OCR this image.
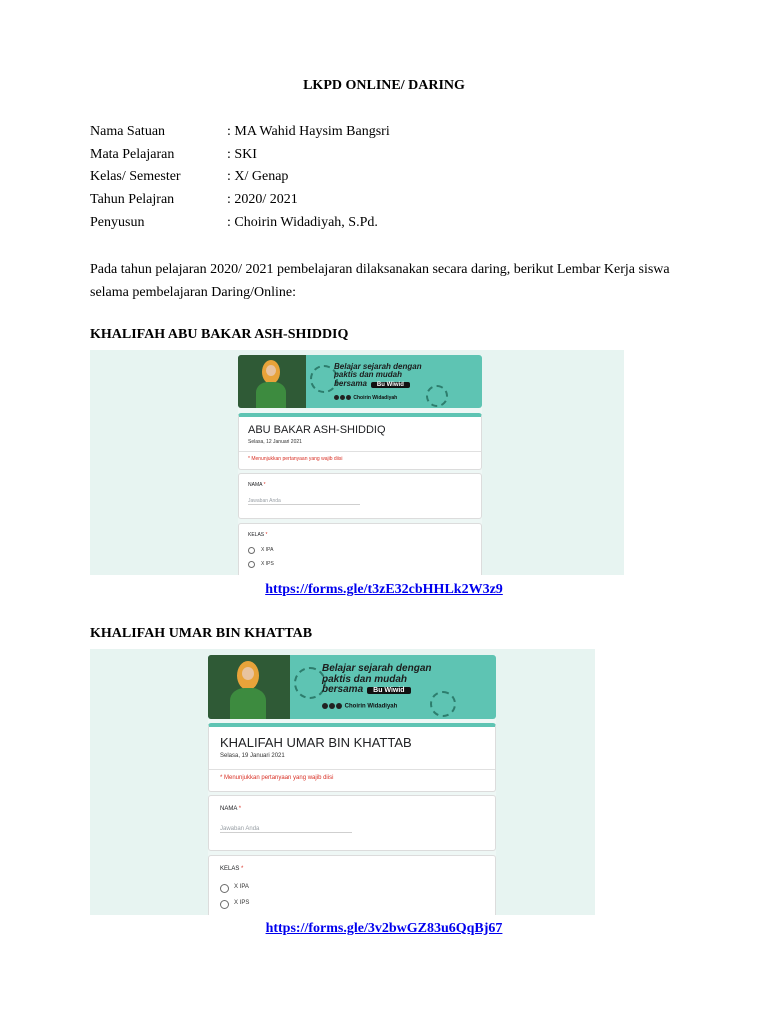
LKPD ONLINE/ DARING
Nama Satuan	: MA Wahid Haysim Bangsri
Mata Pelajaran	: SKI
Kelas/ Semester	: X/ Genap
Tahun Pelajran	: 2020/ 2021
Penyusun	: Choirin Widadiyah, S.Pd.
Pada tahun pelajaran 2020/ 2021 pembelajaran dilaksanakan secara daring, berikut Lembar Kerja siswa selama pembelajaran Daring/Online:
KHALIFAH ABU BAKAR ASH-SHIDDIQ
Belajar sejarah dengan
paktis dan mudah
bersama Bu Wiwid
Choirin Widadiyah
ABU BAKAR ASH-SHIDDIQ
Selasa, 12 Januari 2021
* Menunjukkan pertanyaan yang wajib diisi
NAMA *
Jawaban Anda
KELAS *
X IPA
X IPS
https://forms.gle/t3zE32cbHHLk2W3z9
KHALIFAH UMAR BIN KHATTAB
Belajar sejarah dengan
paktis dan mudah
bersama Bu Wiwid
Choirin Widadiyah
KHALIFAH UMAR BIN KHATTAB
Selasa, 19 Januari 2021
* Menunjukkan pertanyaan yang wajib diisi
NAMA *
Jawaban Anda
KELAS *
X IPA
X IPS
https://forms.gle/3v2bwGZ83u6QqBj67
